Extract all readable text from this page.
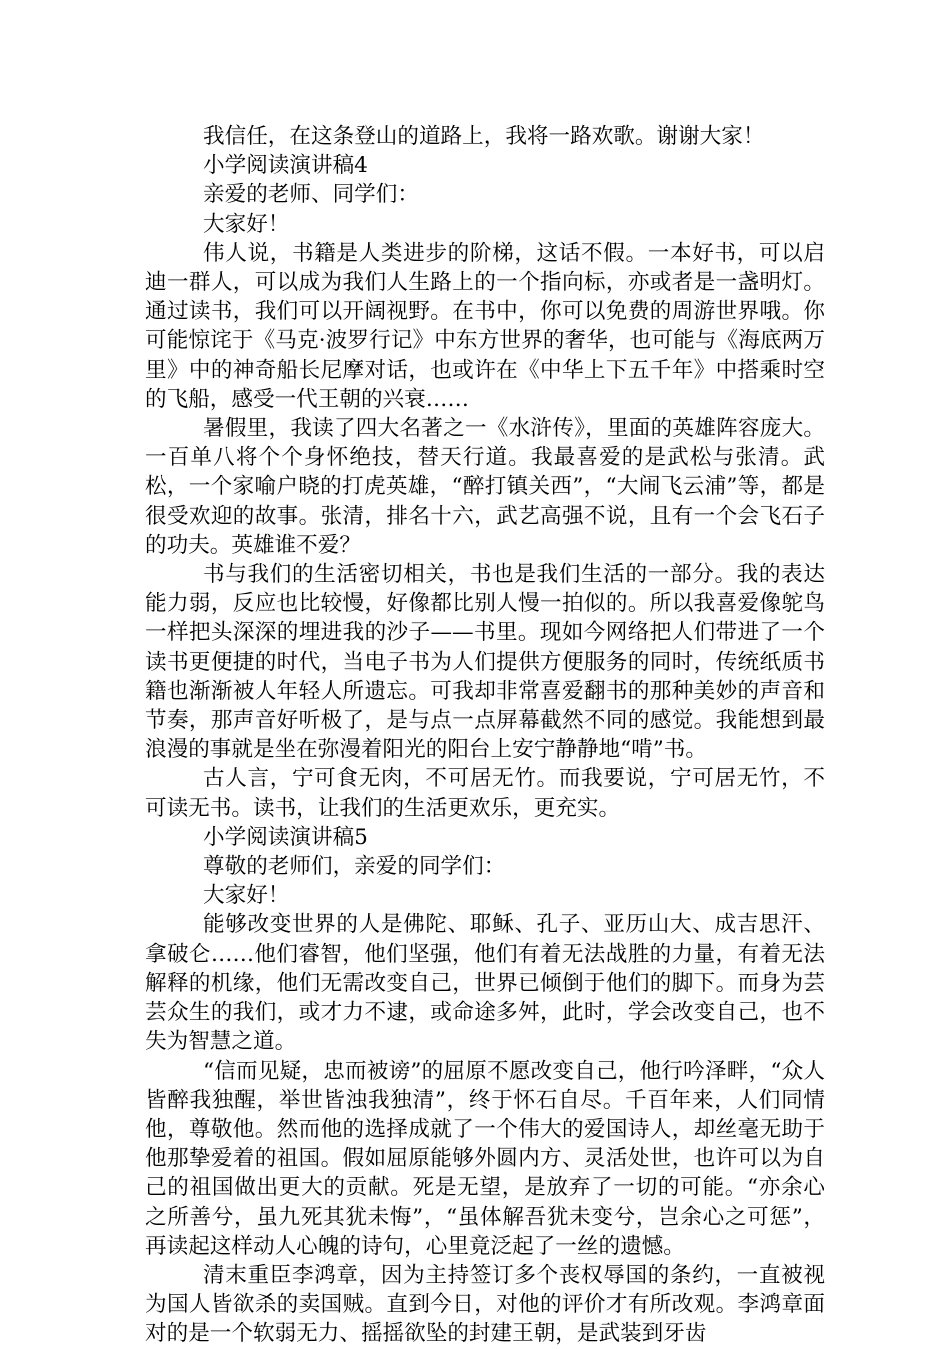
我信任，在这条登山的道路上，我将一路欢歌。谢谢大家！

小学阅读演讲稿4

亲爱的老师、同学们：

大家好！

伟人说，书籍是人类进步的阶梯，这话不假。一本好书，可以启迪一群人，可以成为我们人生路上的一个指向标，亦或者是一盏明灯。通过读书，我们可以开阔视野。在书中，你可以免费的周游世界哦。你可能惊诧于《马克·波罗行记》中东方世界的奢华，也可能与《海底两万里》中的神奇船长尼摩对话，也或许在《中华上下五千年》中搭乘时空的飞船，感受一代王朝的兴衰……

暑假里，我读了四大名著之一《水浒传》，里面的英雄阵容庞大。一百单八将个个身怀绝技，替天行道。我最喜爱的是武松与张清。武松，一个家喻户晓的打虎英雄，“醉打镇关西”，“大闹飞云浦”等，都是很受欢迎的故事。张清，排名十六，武艺高强不说，且有一个会飞石子的功夫。英雄谁不爱？

书与我们的生活密切相关，书也是我们生活的一部分。我的表达能力弱，反应也比较慢，好像都比别人慢一拍似的。所以我喜爱像鸵鸟一样把头深深的埋进我的沙子——书里。现如今网络把人们带进了一个读书更便捷的时代，当电子书为人们提供方便服务的同时，传统纸质书籍也渐渐被人年轻人所遗忘。可我却非常喜爱翻书的那种美妙的声音和节奏，那声音好听极了，是与点一点屏幕截然不同的感觉。我能想到最浪漫的事就是坐在弥漫着阳光的阳台上安宁静静地“啃”书。

古人言，宁可食无肉，不可居无竹。而我要说，宁可居无竹，不可读无书。读书，让我们的生活更欢乐，更充实。

小学阅读演讲稿5

尊敬的老师们，亲爱的同学们：

大家好！

能够改变世界的人是佛陀、耶稣、孔子、亚历山大、成吉思汗、拿破仑……他们睿智，他们坚强，他们有着无法战胜的力量，有着无法解释的机缘，他们无需改变自己，世界已倾倒于他们的脚下。而身为芸芸众生的我们，或才力不逮，或命途多舛，此时，学会改变自己，也不失为智慧之道。

“信而见疑，忠而被谤”的屈原不愿改变自己，他行吟泽畔，“众人皆醉我独醒，举世皆浊我独清”，终于怀石自尽。千百年来，人们同情他，尊敬他。然而他的选择成就了一个伟大的爱国诗人，却丝毫无助于他那挚爱着的祖国。假如屈原能够外圆内方、灵活处世，也许可以为自己的祖国做出更大的贡献。死是无望，是放弃了一切的可能。“亦余心之所善兮，虽九死其犹未悔”，“虽体解吾犹未变兮，岂余心之可惩”，再读起这样动人心魄的诗句，心里竟泛起了一丝的遗憾。

清末重臣李鸿章，因为主持签订多个丧权辱国的条约，一直被视为国人皆欲杀的卖国贼。直到今日，对他的评价才有所改观。李鸿章面对的是一个软弱无力、摇摇欲坠的封建王朝，是武装到牙齿
